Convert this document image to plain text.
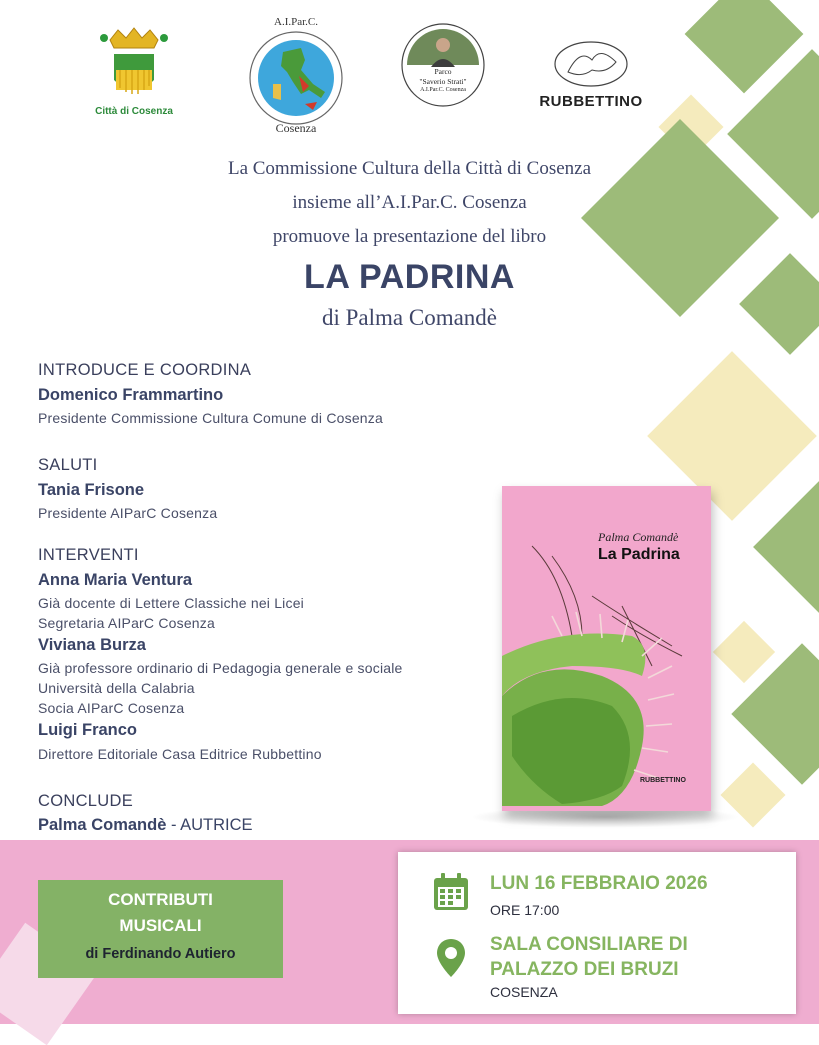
Città di Cosenza
A.I.Par.C.
Cosenza
Parco
"Saverio Strati"
A.I.Par.C. Cosenza
RUBBETTINO
La Commissione Cultura della Città di Cosenza
insieme all’A.I.Par.C. Cosenza
promuove la presentazione del libro
LA PADRINA
di Palma Comandè
INTRODUCE E COORDINA
Domenico Frammartino
Presidente Commissione Cultura Comune di Cosenza
SALUTI
Tania Frisone
Presidente AIParC Cosenza
INTERVENTI
Anna Maria Ventura
Già docente di Lettere Classiche nei Licei
Segretaria AIParC Cosenza
Viviana Burza
Già professore ordinario di Pedagogia generale e sociale
Università della Calabria
Socia AIParC Cosenza
Luigi Franco
Direttore Editoriale Casa Editrice Rubbettino
CONCLUDE
Palma Comandè - AUTRICE
Palma Comandè
La Padrina
RUBBETTINO
CONTRIBUTI
MUSICALI
di Ferdinando Autiero
LUN 16 FEBBRAIO 2026
ORE 17:00
SALA CONSILIARE DI
PALAZZO DEI BRUZI
COSENZA
